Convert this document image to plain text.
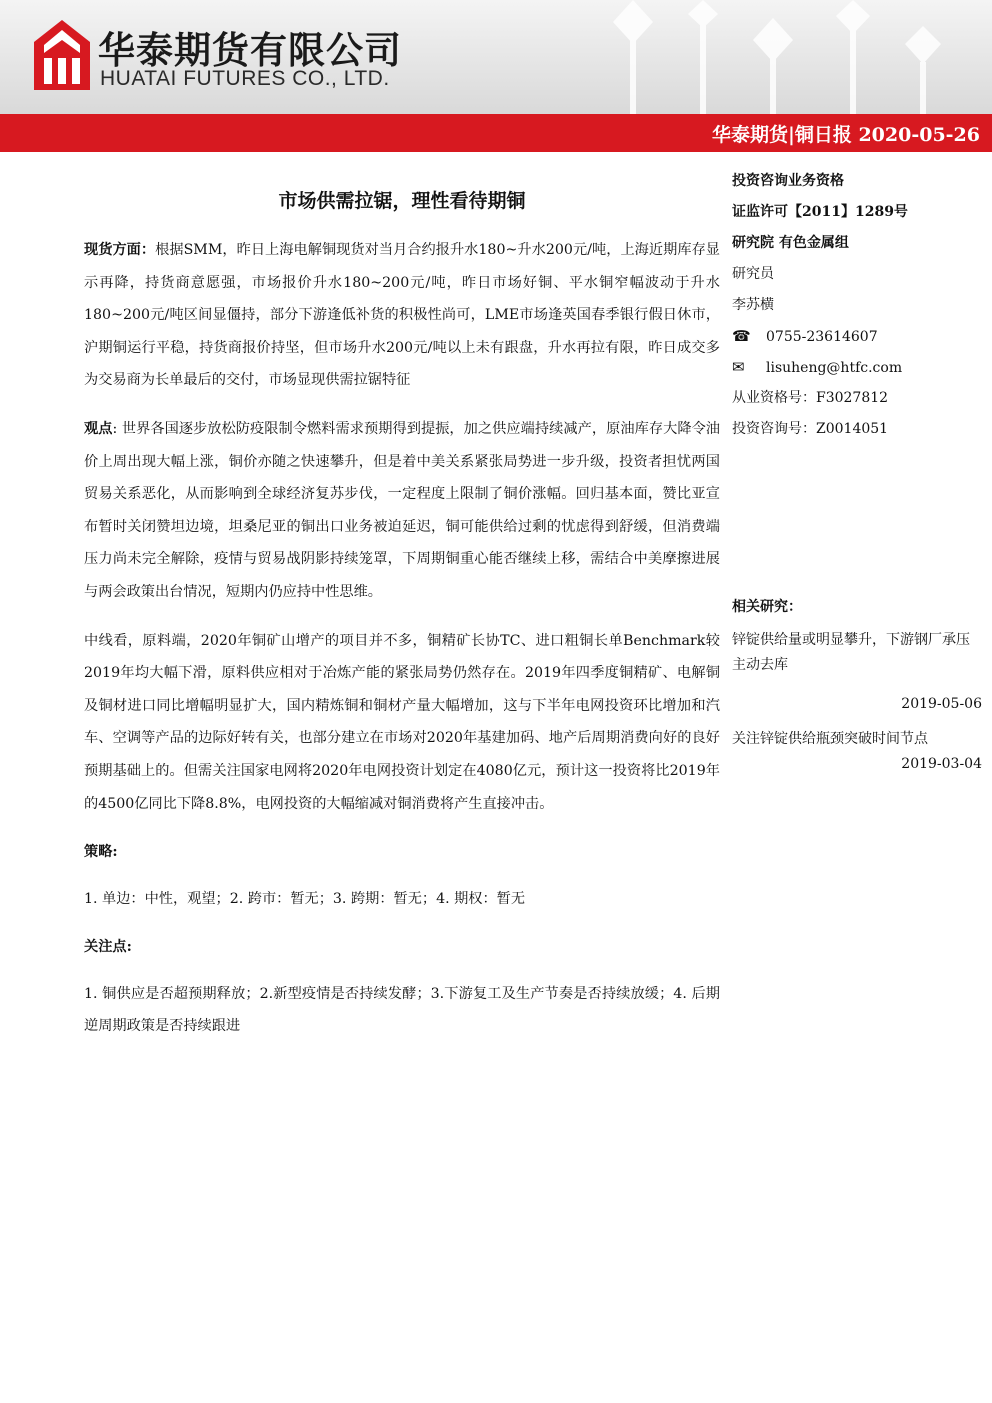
华泰期货有限公司
HUATAI FUTURES CO., LTD.
华泰期货|铜日报 2020-05-26
市场供需拉锯，理性看待期铜

现货方面：根据SMM，昨日上海电解铜现货对当月合约报升水180~升水200元/吨，上海近期库存显示再降，持货商意愿强，市场报价升水180~200元/吨，昨日市场好铜、平水铜窄幅波动于升水180~200元/吨区间显僵持，部分下游逢低补货的积极性尚可，LME市场逢英国春季银行假日休市，沪期铜运行平稳，持货商报价持坚，但市场升水200元/吨以上未有跟盘，升水再拉有限，昨日成交多为交易商为长单最后的交付，市场显现供需拉锯特征

观点: 世界各国逐步放松防疫限制令燃料需求预期得到提振，加之供应端持续减产，原油库存大降令油价上周出现大幅上涨，铜价亦随之快速攀升，但是着中美关系紧张局势进一步升级，投资者担忧两国贸易关系恶化，从而影响到全球经济复苏步伐，一定程度上限制了铜价涨幅。回归基本面，赞比亚宣布暂时关闭赞坦边境，坦桑尼亚的铜出口业务被迫延迟，铜可能供给过剩的忧虑得到舒缓，但消费端压力尚未完全解除，疫情与贸易战阴影持续笼罩，下周期铜重心能否继续上移，需结合中美摩擦进展与两会政策出台情况，短期内仍应持中性思维。

中线看，原料端，2020年铜矿山增产的项目并不多，铜精矿长协TC、进口粗铜长单Benchmark较2019年均大幅下滑，原料供应相对于冶炼产能的紧张局势仍然存在。2019年四季度铜精矿、电解铜及铜材进口同比增幅明显扩大，国内精炼铜和铜材产量大幅增加，这与下半年电网投资环比增加和汽车、空调等产品的边际好转有关，也部分建立在市场对2020年基建加码、地产后周期消费向好的良好预期基础上的。但需关注国家电网将2020年电网投资计划定在4080亿元，预计这一投资将比2019年的4500亿同比下降8.8%，电网投资的大幅缩减对铜消费将产生直接冲击。

策略:

1. 单边：中性，观望；2. 跨市：暂无；3. 跨期：暂无；4. 期权：暂无

关注点:

1. 铜供应是否超预期释放；2.新型疫情是否持续发酵；3.下游复工及生产节奏是否持续放缓；4. 后期逆周期政策是否持续跟进

投资咨询业务资格
证监许可【2011】1289号
研究院 有色金属组
研究员
李苏横
☎ 0755-23614607
✉ lisuheng@htfc.com
从业资格号：F3027812
投资咨询号：Z0014051
相关研究：
锌锭供给量或明显攀升，下游钢厂承压主动去库
2019-05-06
关注锌锭供给瓶颈突破时间节点
2019-03-04
